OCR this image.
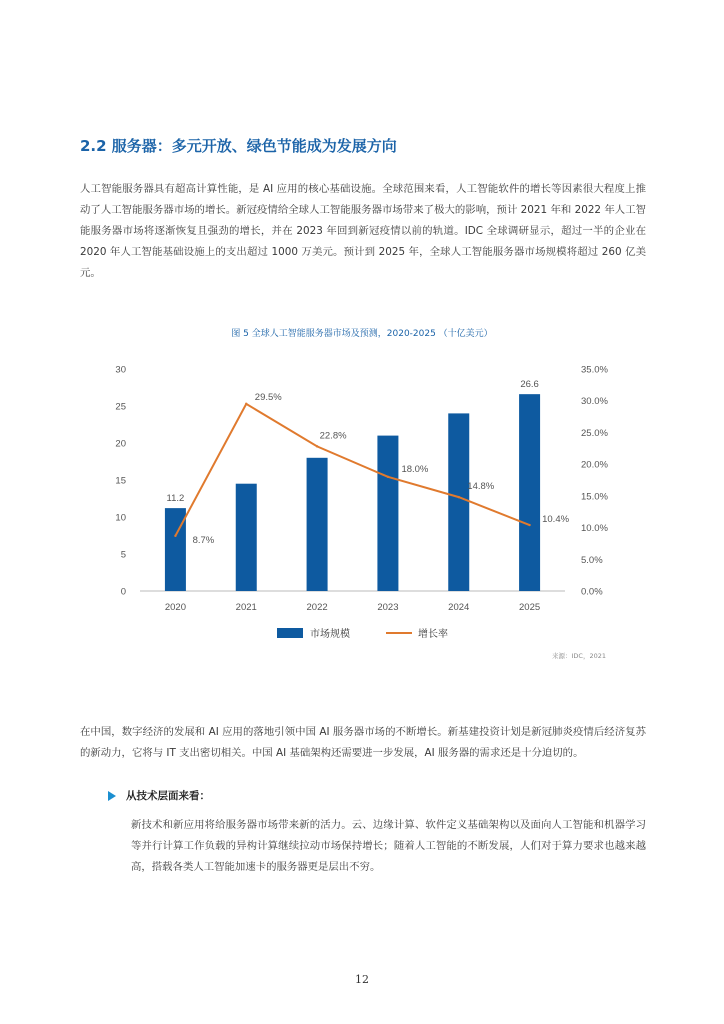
2.2 服务器：多元开放、绿色节能成为发展方向

人工智能服务器具有超高计算性能，是 AI 应用的核心基础设施。全球范围来看，人工智能软件的增长等因素很大程度上推动了人工智能服务器市场的增长。新冠疫情给全球人工智能服务器市场带来了极大的影响，预计 2021 年和 2022 年人工智能服务器市场将逐渐恢复且强劲的增长，并在 2023 年回到新冠疫情以前的轨道。IDC 全球调研显示，超过一半的企业在 2020 年人工智能基础设施上的支出超过 1000 万美元。预计到 2025 年，全球人工智能服务器市场规模将超过 260 亿美元。

图 5 全球人工智能服务器市场及预测，2020-2025 （十亿美元）
0
5
10
15
20
25
30
0.0%
5.0%
10.0%
15.0%
20.0%
25.0%
30.0%
35.0%
2020	2021	2022	2023	2024	2025
11.2
26.6
8.7%
29.5%
22.8%
18.0%
14.8%
10.4%
市场规模	增长率
来源：IDC，2021

在中国，数字经济的发展和 AI 应用的落地引领中国 AI 服务器市场的不断增长。新基建投资计划是新冠肺炎疫情后经济复苏的新动力，它将与 IT 支出密切相关。中国 AI 基础架构还需要进一步发展，AI 服务器的需求还是十分迫切的。

从技术层面来看：

新技术和新应用将给服务器市场带来新的活力。云、边缘计算、软件定义基础架构以及面向人工智能和机器学习等并行计算工作负载的异构计算继续拉动市场保持增长；随着人工智能的不断发展，人们对于算力要求也越来越高，搭载各类人工智能加速卡的服务器更是层出不穷。

12
